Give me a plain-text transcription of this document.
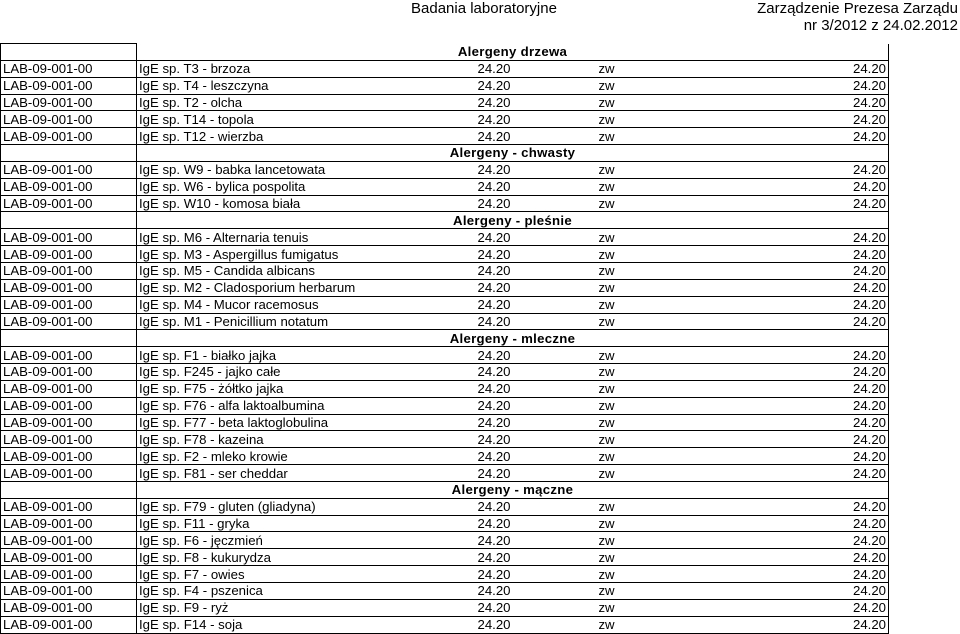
Badania laboratoryjne	Zarządzenie Prezesa Zarządu
nr 3/2012 z 24.02.2012
	Alergeny drzewa			
LAB-09-001-00	IgE sp. T3 - brzoza	24.20	zw	24.20
LAB-09-001-00	IgE sp. T4 - leszczyna	24.20	zw	24.20
LAB-09-001-00	IgE sp. T2 - olcha	24.20	zw	24.20
LAB-09-001-00	IgE sp. T14 - topola	24.20	zw	24.20
LAB-09-001-00	IgE sp. T12 - wierzba	24.20	zw	24.20
	Alergeny - chwasty			
LAB-09-001-00	IgE sp. W9 - babka lancetowata	24.20	zw	24.20
LAB-09-001-00	IgE sp. W6 - bylica pospolita	24.20	zw	24.20
LAB-09-001-00	IgE sp. W10 - komosa biała	24.20	zw	24.20
	Alergeny - pleśnie			
LAB-09-001-00	IgE sp. M6 - Alternaria tenuis	24.20	zw	24.20
LAB-09-001-00	IgE sp. M3 - Aspergillus fumigatus	24.20	zw	24.20
LAB-09-001-00	IgE sp. M5 - Candida albicans	24.20	zw	24.20
LAB-09-001-00	IgE sp. M2 - Cladosporium herbarum	24.20	zw	24.20
LAB-09-001-00	IgE sp. M4 - Mucor racemosus	24.20	zw	24.20
LAB-09-001-00	IgE sp. M1 - Penicillium notatum	24.20	zw	24.20
	Alergeny - mleczne			
LAB-09-001-00	IgE sp. F1 - białko jajka	24.20	zw	24.20
LAB-09-001-00	IgE sp. F245 - jajko całe	24.20	zw	24.20
LAB-09-001-00	IgE sp. F75 - żółtko jajka	24.20	zw	24.20
LAB-09-001-00	IgE sp. F76 - alfa laktoalbumina	24.20	zw	24.20
LAB-09-001-00	IgE sp. F77 - beta laktoglobulina	24.20	zw	24.20
LAB-09-001-00	IgE sp. F78 - kazeina	24.20	zw	24.20
LAB-09-001-00	IgE sp. F2 - mleko krowie	24.20	zw	24.20
LAB-09-001-00	IgE sp. F81 - ser cheddar	24.20	zw	24.20
	Alergeny - mączne			
LAB-09-001-00	IgE sp. F79 - gluten (gliadyna)	24.20	zw	24.20
LAB-09-001-00	IgE sp. F11 - gryka	24.20	zw	24.20
LAB-09-001-00	IgE sp. F6 - jęczmień	24.20	zw	24.20
LAB-09-001-00	IgE sp. F8 - kukurydza	24.20	zw	24.20
LAB-09-001-00	IgE sp. F7 - owies	24.20	zw	24.20
LAB-09-001-00	IgE sp. F4 - pszenica	24.20	zw	24.20
LAB-09-001-00	IgE sp. F9 - ryż	24.20	zw	24.20
LAB-09-001-00	IgE sp. F14 - soja	24.20	zw	24.20
